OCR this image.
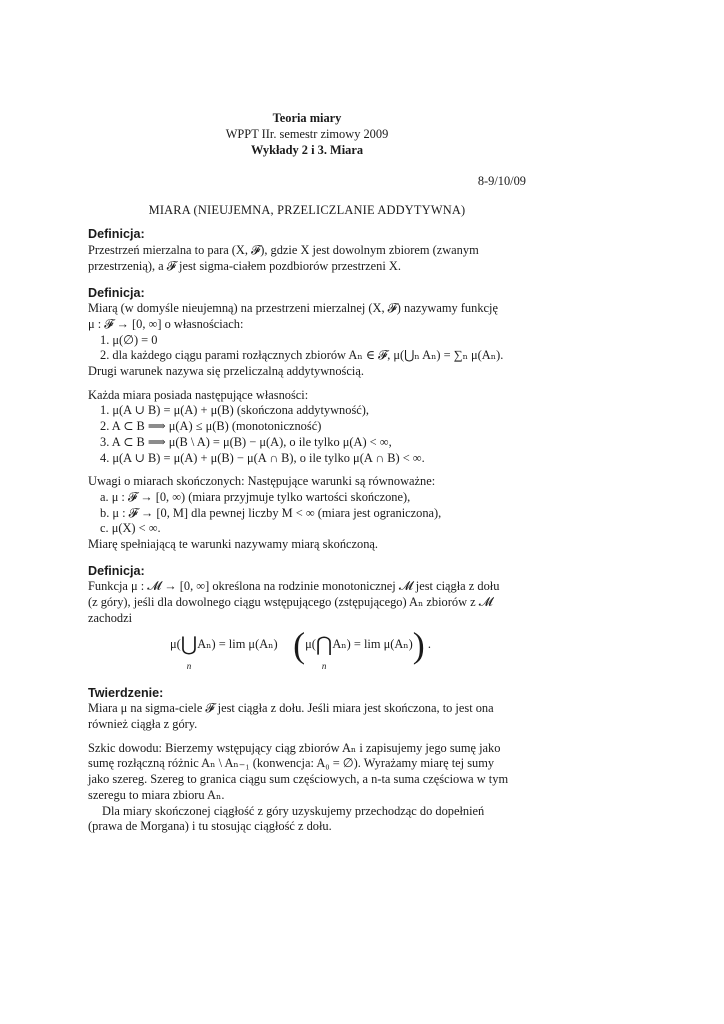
Teoria miary
WPPT IIr. semestr zimowy 2009
Wykłady 2 i 3. Miara
8-9/10/09
MIARA (NIEUJEMNA, PRZELICZLANIE ADDYTYWNA)
Definicja:
Przestrzeń mierzalna to para (X, 𝓕), gdzie X jest dowolnym zbiorem (zwanym
przestrzenią), a 𝓕 jest sigma-ciałem pozdbiorów przestrzeni X.
Definicja:
Miarą (w domyśle nieujemną) na przestrzeni mierzalnej (X, 𝓕) nazywamy funkcję
μ : 𝓕 → [0, ∞] o własnościach:
1. μ(∅) = 0
2. dla każdego ciągu parami rozłącznych zbiorów Aₙ ∈ 𝓕, μ(⋃ₙ Aₙ) = ∑ₙ μ(Aₙ).
Drugi warunek nazywa się przeliczalną addytywnością.
Każda miara posiada następujące własności:
1. μ(A ∪ B) = μ(A) + μ(B) (skończona addytywność),
2. A ⊂ B ⟹ μ(A) ≤ μ(B) (monotoniczność)
3. A ⊂ B ⟹ μ(B \ A) = μ(B) − μ(A), o ile tylko μ(A) < ∞,
4. μ(A ∪ B) = μ(A) + μ(B) − μ(A ∩ B), o ile tylko μ(A ∩ B) < ∞.
Uwagi o miarach skończonych: Następujące warunki są równoważne:
a. μ : 𝓕 → [0, ∞) (miara przyjmuje tylko wartości skończone),
b. μ : 𝓕 → [0, M] dla pewnej liczby M < ∞ (miara jest ograniczona),
c. μ(X) < ∞.
Miarę spełniającą te warunki nazywamy miarą skończoną.
Definicja:
Funkcja μ : 𝓜 → [0, ∞] określona na rodzinie monotonicznej 𝓜 jest ciągła z dołu
(z góry), jeśli dla dowolnego ciągu wstępującego (zstępującego) Aₙ zbiorów z 𝓜
zachodzi
μ(⋃
n
Aₙ) = lim μ(Aₙ) (μ(⋂
n
Aₙ) = lim μ(Aₙ)) .
Twierdzenie:
Miara μ na sigma-ciele 𝓕 jest ciągła z dołu. Jeśli miara jest skończona, to jest ona
również ciągła z góry.
Szkic dowodu: Bierzemy wstępujący ciąg zbiorów Aₙ i zapisujemy jego sumę jako
sumę rozłączną różnic Aₙ \ Aₙ₋₁ (konwencja: A₀ = ∅). Wyrażamy miarę tej sumy
jako szereg. Szereg to granica ciągu sum częściowych, a n-ta suma częściowa w tym
szeregu to miara zbioru Aₙ.
Dla miary skończonej ciągłość z góry uzyskujemy przechodząc do dopełnień
(prawa de Morgana) i tu stosując ciągłość z dołu.
